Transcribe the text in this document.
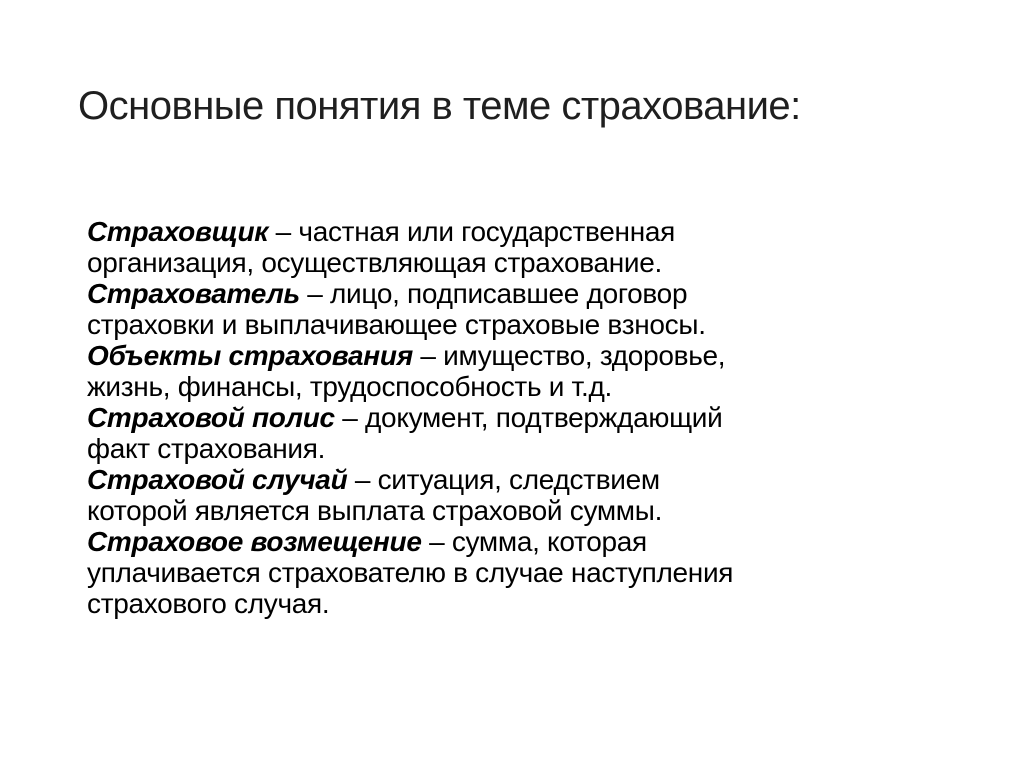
Основные понятия в теме страхование:

Страховщик – частная или государственная организация, осуществляющая страхование.

Страхователь – лицо, подписавшее договор страховки и выплачивающее страховые взносы.

Объекты страхования – имущество, здоровье, жизнь, финансы, трудоспособность и т.д.

Страховой полис – документ, подтверждающий факт страхования.

Страховой случай – ситуация, следствием которой является выплата страховой суммы.

Страховое возмещение – сумма, которая уплачивается страхователю в случае наступления страхового случая.
